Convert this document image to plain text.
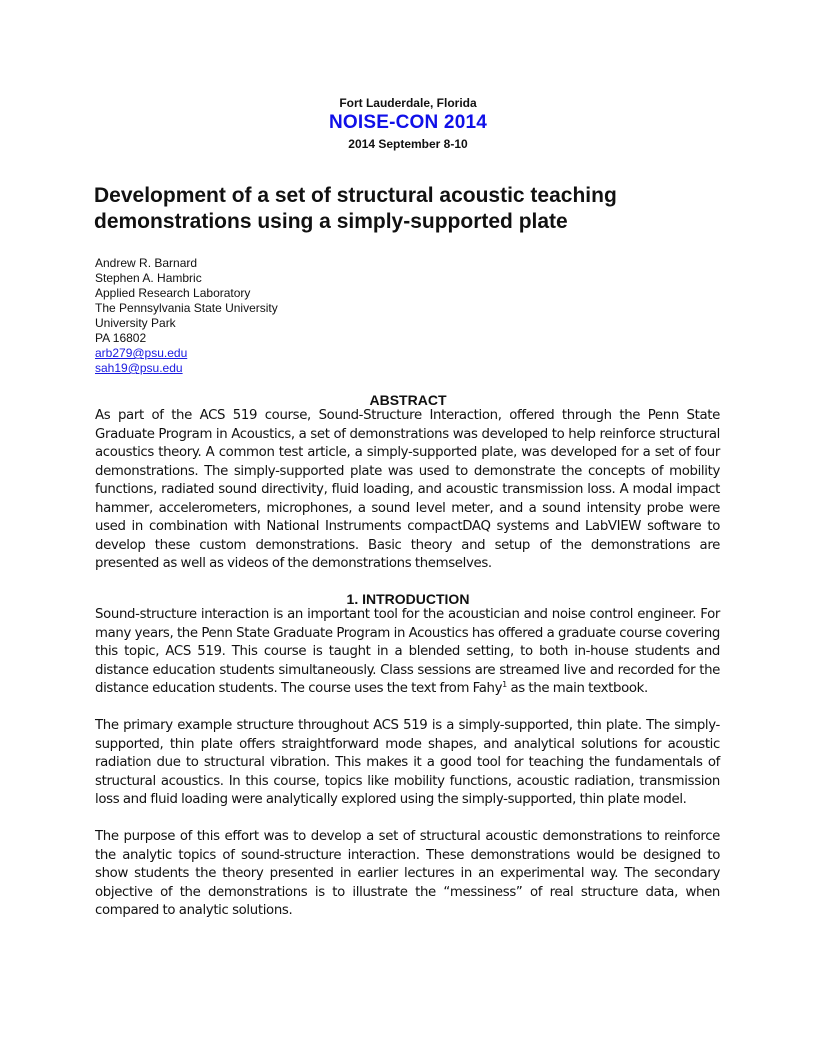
Fort Lauderdale, Florida
NOISE-CON 2014
2014 September 8-10
Development of a set of structural acoustic teaching demonstrations using a simply-supported plate
Andrew R. Barnard
Stephen A. Hambric
Applied Research Laboratory
The Pennsylvania State University
University Park
PA 16802
arb279@psu.edu
sah19@psu.edu
ABSTRACT

As part of the ACS 519 course, Sound-Structure Interaction, offered through the Penn State Graduate Program in Acoustics, a set of demonstrations was developed to help reinforce structural acoustics theory. A common test article, a simply-supported plate, was developed for a set of four demonstrations. The simply-supported plate was used to demonstrate the concepts of mobility functions, radiated sound directivity, fluid loading, and acoustic transmission loss. A modal impact hammer, accelerometers, microphones, a sound level meter, and a sound intensity probe were used in combination with National Instruments compactDAQ systems and LabVIEW software to develop these custom demonstrations. Basic theory and setup of the demonstrations are presented as well as videos of the demonstrations themselves.

1. INTRODUCTION

Sound-structure interaction is an important tool for the acoustician and noise control engineer. For many years, the Penn State Graduate Program in Acoustics has offered a graduate course covering this topic, ACS 519. This course is taught in a blended setting, to both in-house students and distance education students simultaneously. Class sessions are streamed live and recorded for the distance education students. The course uses the text from Fahy$^1$ as the main textbook.

The primary example structure throughout ACS 519 is a simply-supported, thin plate. The simply-supported, thin plate offers straightforward mode shapes, and analytical solutions for acoustic radiation due to structural vibration. This makes it a good tool for teaching the fundamentals of structural acoustics. In this course, topics like mobility functions, acoustic radiation, transmission loss and fluid loading were analytically explored using the simply-supported, thin plate model.

The purpose of this effort was to develop a set of structural acoustic demonstrations to reinforce the analytic topics of sound-structure interaction. These demonstrations would be designed to show students the theory presented in earlier lectures in an experimental way. The secondary objective of the demonstrations is to illustrate the “messiness” of real structure data, when compared to analytic solutions.
